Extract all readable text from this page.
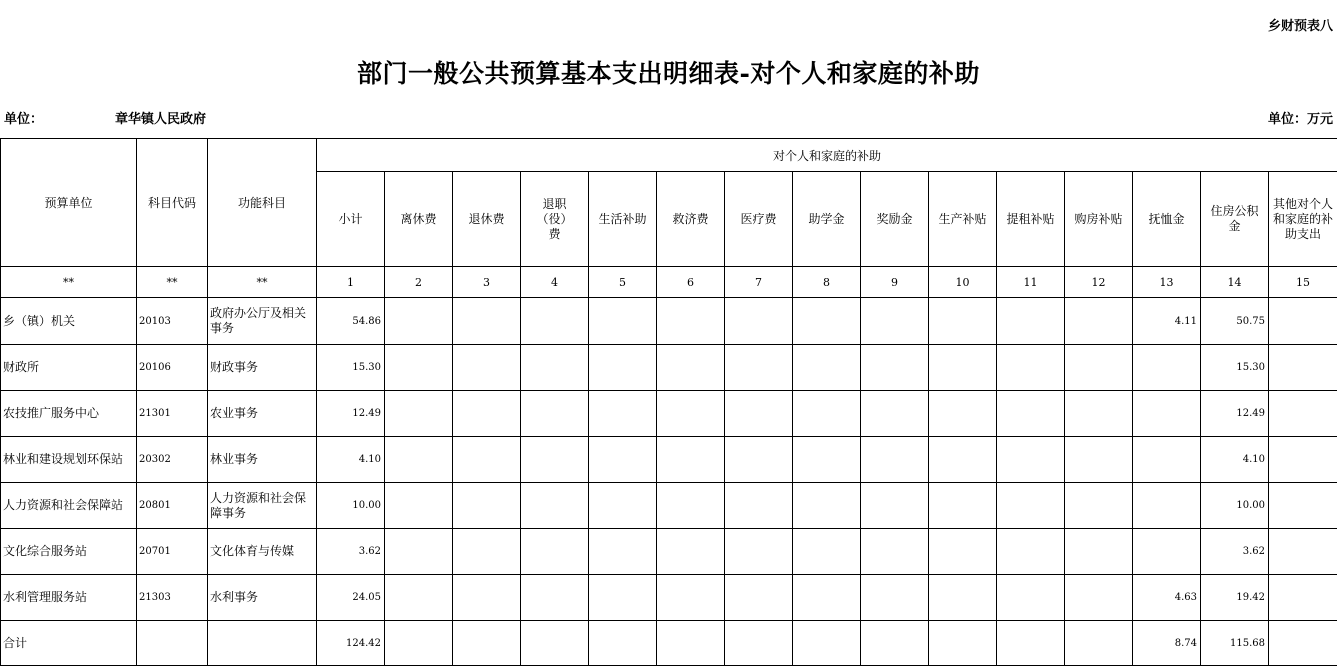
乡财预表八
部门一般公共预算基本支出明细表-对个人和家庭的补助
单位：	章华镇人民政府	单位：万元
预算单位	科目代码	功能科目	对个人和家庭的补助														
			小计	离休费	退休费	退职（役）费	生活补助	救济费	医疗费	助学金	奖励金	生产补贴	提租补贴	购房补贴	抚恤金	住房公积金	其他对个人和家庭的补助支出
**	**	**	1	2	3	4	5	6	7	8	9	10	11	12	13	14	15
乡（镇）机关	20103	政府办公厅及相关事务	54.86												4.11	50.75	
财政所	20106	财政事务	15.30													15.30	
农技推广服务中心	21301	农业事务	12.49													12.49	
林业和建设规划环保站	20302	林业事务	4.10													4.10	
人力资源和社会保障站	20801	人力资源和社会保障事务	10.00													10.00	
文化综合服务站	20701	文化体育与传媒	3.62													3.62	
水利管理服务站	21303	水利事务	24.05												4.63	19.42	
合计			124.42												8.74	115.68	
